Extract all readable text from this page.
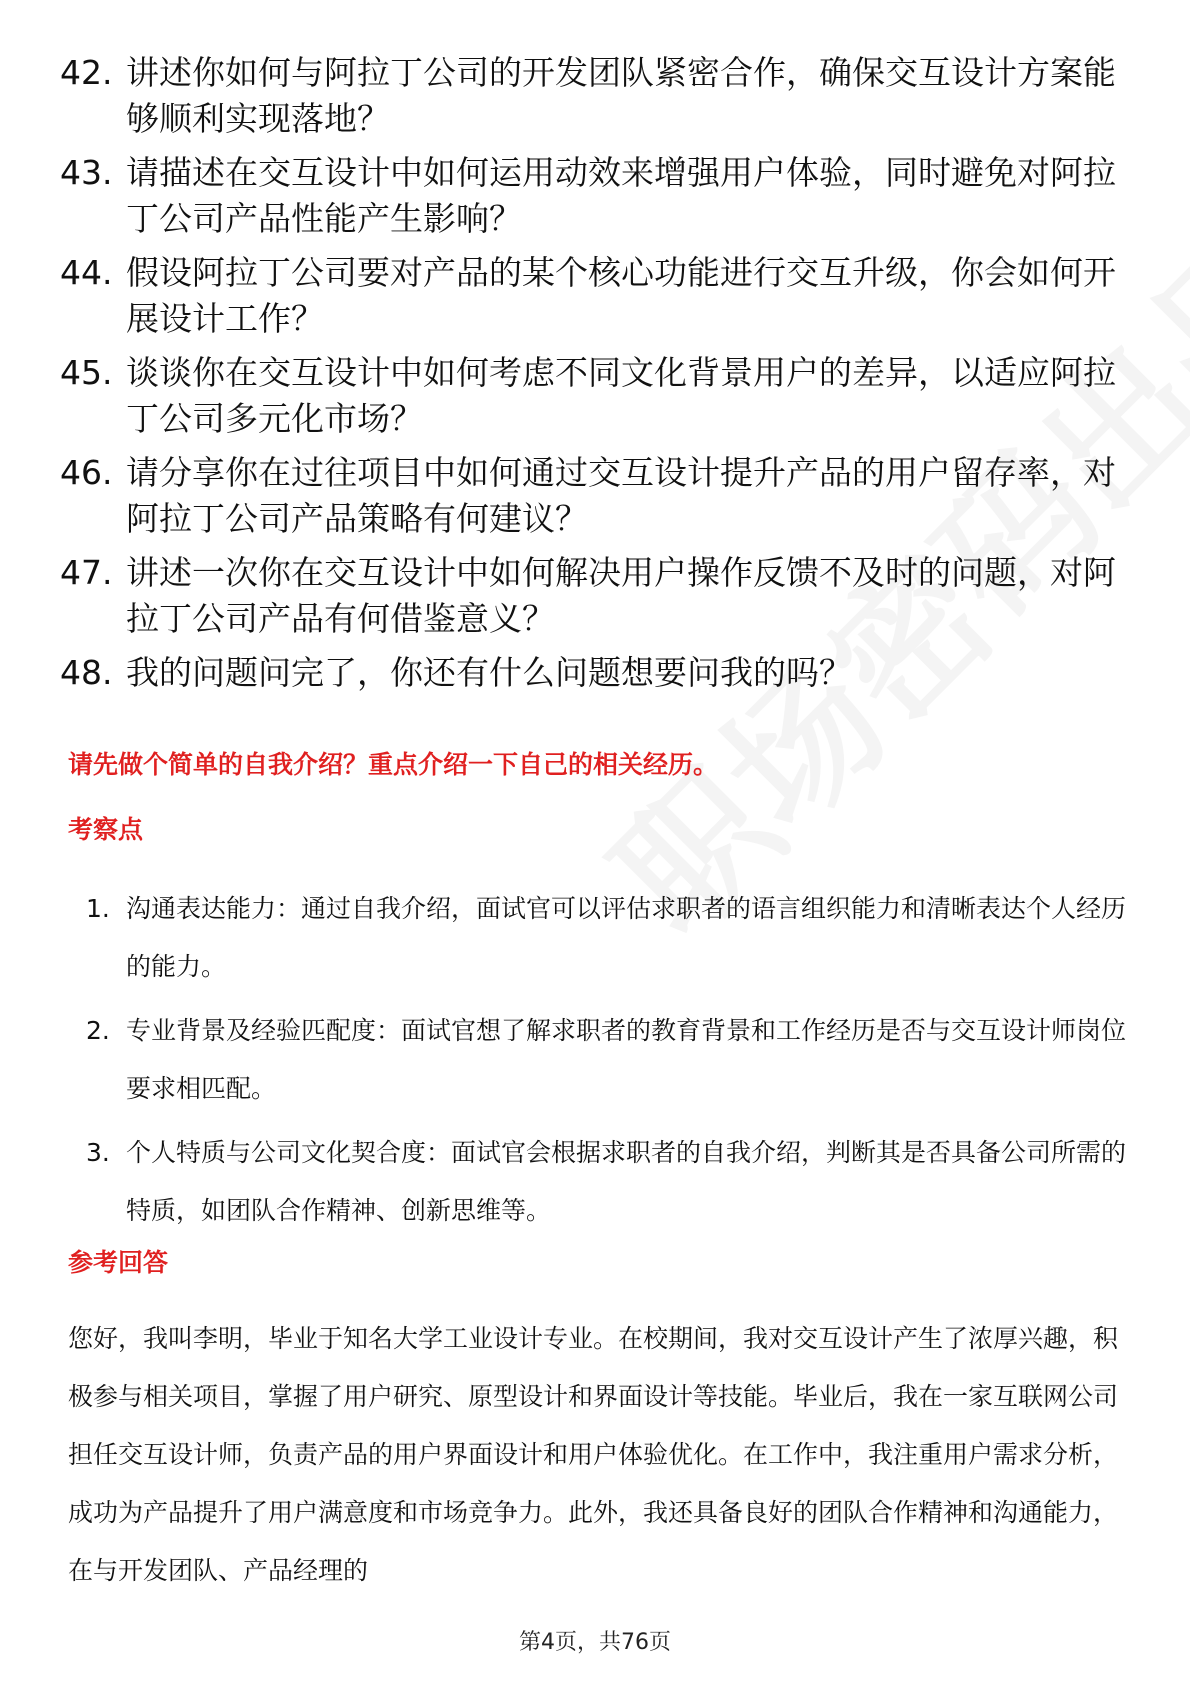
42. 讲述你如何与阿拉丁公司的开发团队紧密合作，确保交互设计方案能够顺利实现落地？
43. 请描述在交互设计中如何运用动效来增强用户体验，同时避免对阿拉丁公司产品性能产生影响？
44. 假设阿拉丁公司要对产品的某个核心功能进行交互升级，你会如何开展设计工作？
45. 谈谈你在交互设计中如何考虑不同文化背景用户的差异，以适应阿拉丁公司多元化市场？
46. 请分享你在过往项目中如何通过交互设计提升产品的用户留存率，对阿拉丁公司产品策略有何建议？
47. 讲述一次你在交互设计中如何解决用户操作反馈不及时的问题，对阿拉丁公司产品有何借鉴意义？
48. 我的问题问完了，你还有什么问题想要问我的吗？
请先做个简单的自我介绍？重点介绍一下自己的相关经历。
考察点
1. 沟通表达能力：通过自我介绍，面试官可以评估求职者的语言组织能力和清晰表达个人经历的能力。
2. 专业背景及经验匹配度：面试官想了解求职者的教育背景和工作经历是否与交互设计师岗位要求相匹配。
3. 个人特质与公司文化契合度：面试官会根据求职者的自我介绍，判断其是否具备公司所需的特质，如团队合作精神、创新思维等。
参考回答
您好，我叫李明，毕业于知名大学工业设计专业。在校期间，我对交互设计产生了浓厚兴趣，积极参与相关项目，掌握了用户研究、原型设计和界面设计等技能。毕业后，我在一家互联网公司担任交互设计师，负责产品的用户界面设计和用户体验优化。在工作中，我注重用户需求分析，成功为产品提升了用户满意度和市场竞争力。此外，我还具备良好的团队合作精神和沟通能力，在与开发团队、产品经理的
第4页，共76页
